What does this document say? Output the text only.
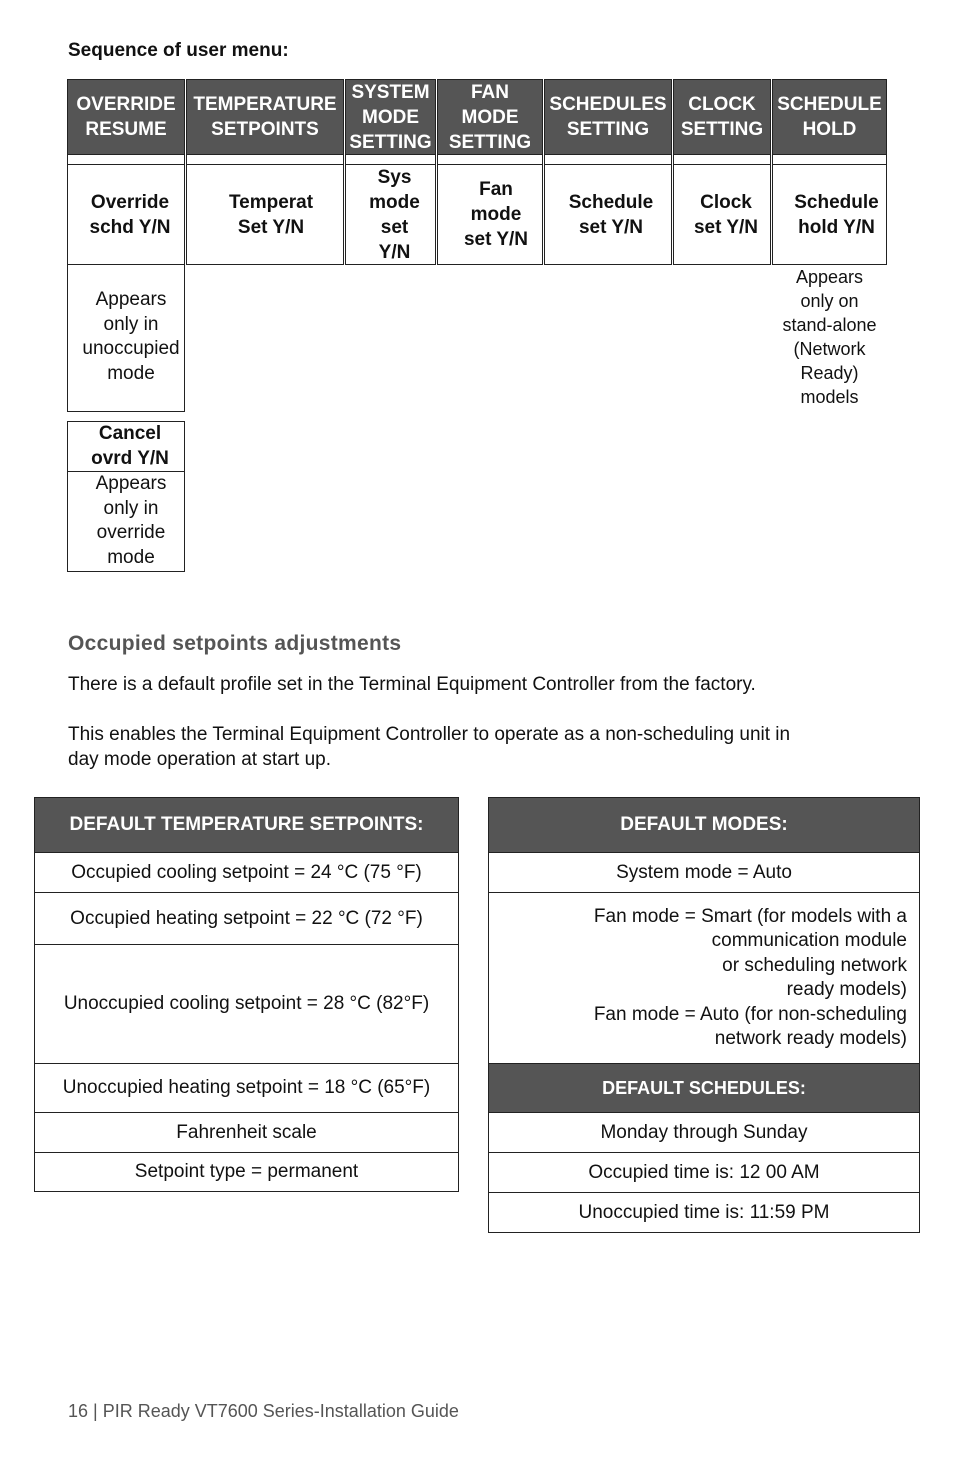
Sequence of user menu:
OVERRIDE
RESUME
TEMPERATURE
SETPOINTS
SYSTEM
MODE
SETTING
FAN
MODE
SETTING
SCHEDULES
SETTING
CLOCK
SETTING
SCHEDULE
HOLD
Override
schd Y/N
Temperat
Set Y/N
Sys
mode
set
Y/N
Fan
mode
set Y/N
Schedule
set Y/N
Clock
set Y/N
Schedule
hold Y/N
Appears
only in
unoccupied
mode
Appears
only on
stand-alone
(Network
Ready)
models
Cancel
ovrd Y/N
Appears
only in
override
mode
Occupied setpoints adjustments
There is a default profile set in the Terminal Equipment Controller from the factory.
This enables the Terminal Equipment Controller to operate as a non-scheduling unit in
day mode operation at start up.
DEFAULT TEMPERATURE SETPOINTS:
Occupied cooling setpoint = 24 °C (75 °F)
Occupied heating setpoint = 22 °C (72 °F)
Unoccupied cooling setpoint = 28 °C (82°F)
Unoccupied heating setpoint = 18 °C (65°F)
Fahrenheit scale
Setpoint type = permanent
DEFAULT MODES:
System mode = Auto
Fan mode = Smart (for models with a
communication module
or scheduling network
ready models)
Fan mode = Auto (for non-scheduling
network ready models)
DEFAULT SCHEDULES:
Monday through Sunday
Occupied time is: 12 00 AM
Unoccupied time is: 11:59 PM
16 | PIR Ready VT7600 Series-Installation Guide
